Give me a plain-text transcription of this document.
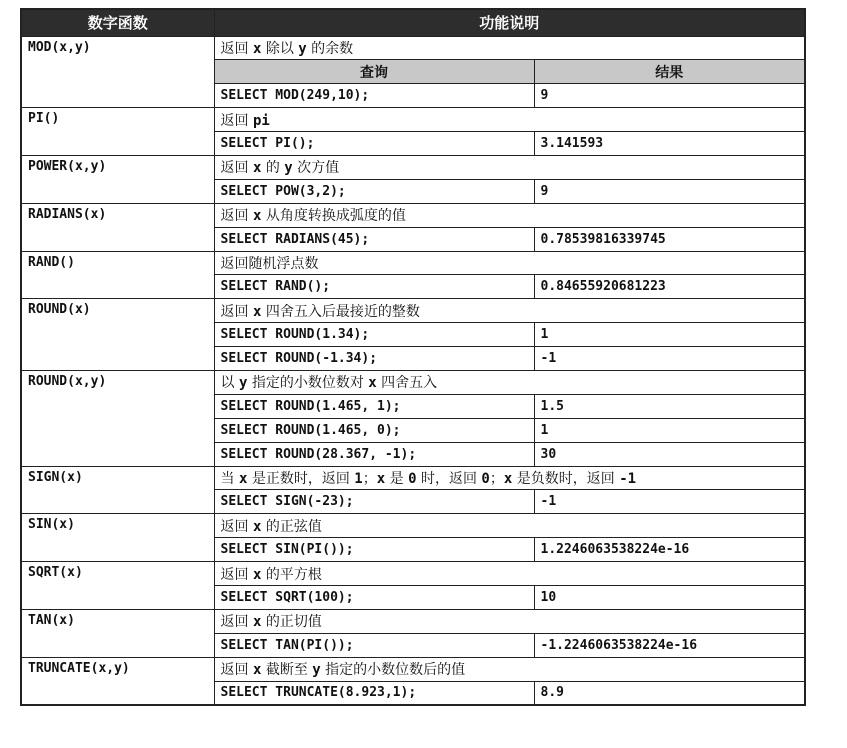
数字函数	功能说明	
MOD(x,y)	返回 x 除以 y 的余数	
	查询	结果
	SELECT MOD(249,10);	9
PI()	返回 pi	
	SELECT PI();	3.141593
POWER(x,y)	返回 x 的 y 次方值	
	SELECT POW(3,2);	9
RADIANS(x)	返回 x 从角度转换成弧度的值	
	SELECT RADIANS(45);	0.78539816339745
RAND()	返回随机浮点数	
	SELECT RAND();	0.84655920681223
ROUND(x)	返回 x 四舍五入后最接近的整数	
	SELECT ROUND(1.34);	1
	SELECT ROUND(-1.34);	-1
ROUND(x,y)	以 y 指定的小数位数对 x 四舍五入	
	SELECT ROUND(1.465, 1);	1.5
	SELECT ROUND(1.465, 0);	1
	SELECT ROUND(28.367, -1);	30
SIGN(x)	当 x 是正数时，返回 1；x 是 0 时，返回 0；x 是负数时，返回 -1	
	SELECT SIGN(-23);	-1
SIN(x)	返回 x 的正弦值	
	SELECT SIN(PI());	1.2246063538224e-16
SQRT(x)	返回 x 的平方根	
	SELECT SQRT(100);	10
TAN(x)	返回 x 的正切值	
	SELECT TAN(PI());	-1.2246063538224e-16
TRUNCATE(x,y)	返回 x 截断至 y 指定的小数位数后的值	
	SELECT TRUNCATE(8.923,1);	8.9
